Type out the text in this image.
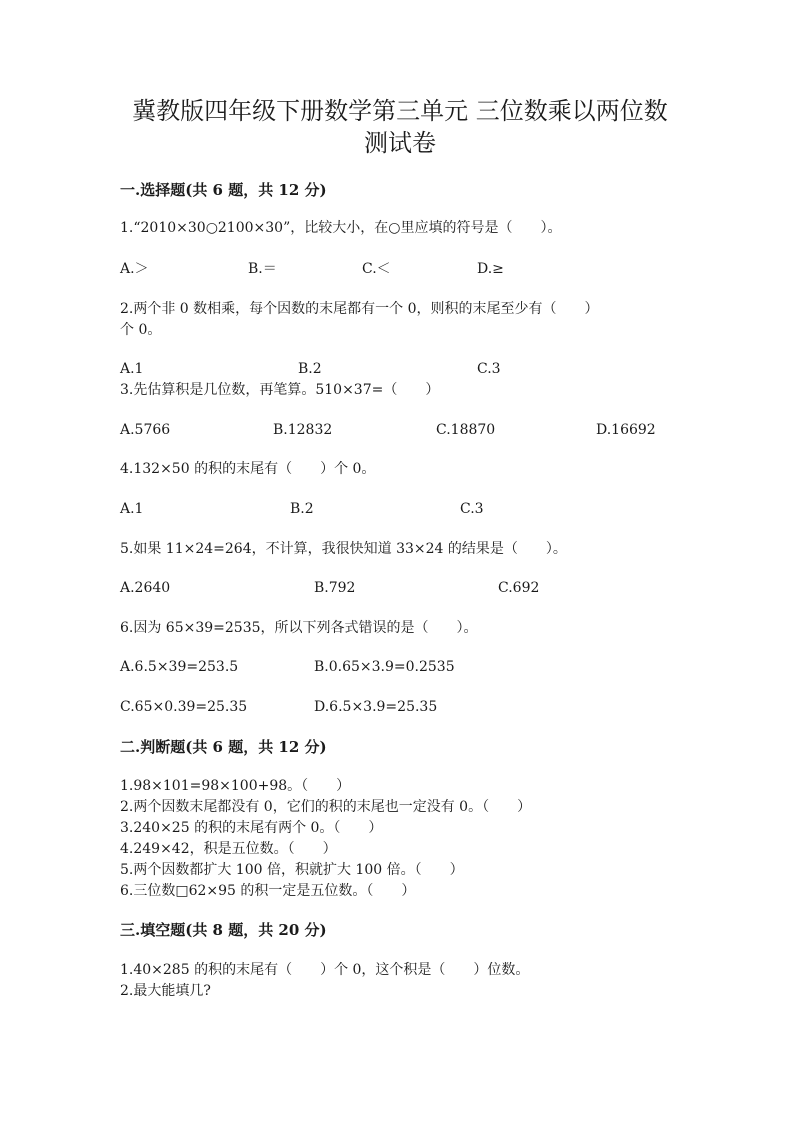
冀教版四年级下册数学第三单元 三位数乘以两位数
测试卷
一.选择题(共 6 题，共 12 分)
1.“2010×30○2100×30”，比较大小，在○里应填的符号是（　　）。
A.＞	B.＝	C.＜	D.≥
2.两个非 0 数相乘，每个因数的末尾都有一个 0，则积的末尾至少有（　　）
个 0。
A.1	B.2	C.3
3.先估算积是几位数，再笔算。510×37=（　　）
A.5766	B.12832	C.18870	D.16692
4.132×50 的积的末尾有（　　）个 0。
A.1	B.2	C.3
5.如果 11×24=264，不计算，我很快知道 33×24 的结果是（　　）。
A.2640	B.792	C.692
6.因为 65×39=2535，所以下列各式错误的是（　　）。
A.6.5×39=253.5	B.0.65×3.9=0.2535
C.65×0.39=25.35	D.6.5×3.9=25.35
二.判断题(共 6 题，共 12 分)
1.98×101=98×100+98。（　　）
2.两个因数末尾都没有 0，它们的积的末尾也一定没有 0。（　　）
3.240×25 的积的末尾有两个 0。（　　）
4.249×42，积是五位数。（　　）
5.两个因数都扩大 100 倍，积就扩大 100 倍。（　　）
6.三位数□62×95 的积一定是五位数。（　　）
三.填空题(共 8 题，共 20 分)
1.40×285 的积的末尾有（　　）个 0，这个积是（　　）位数。
2.最大能填几?
